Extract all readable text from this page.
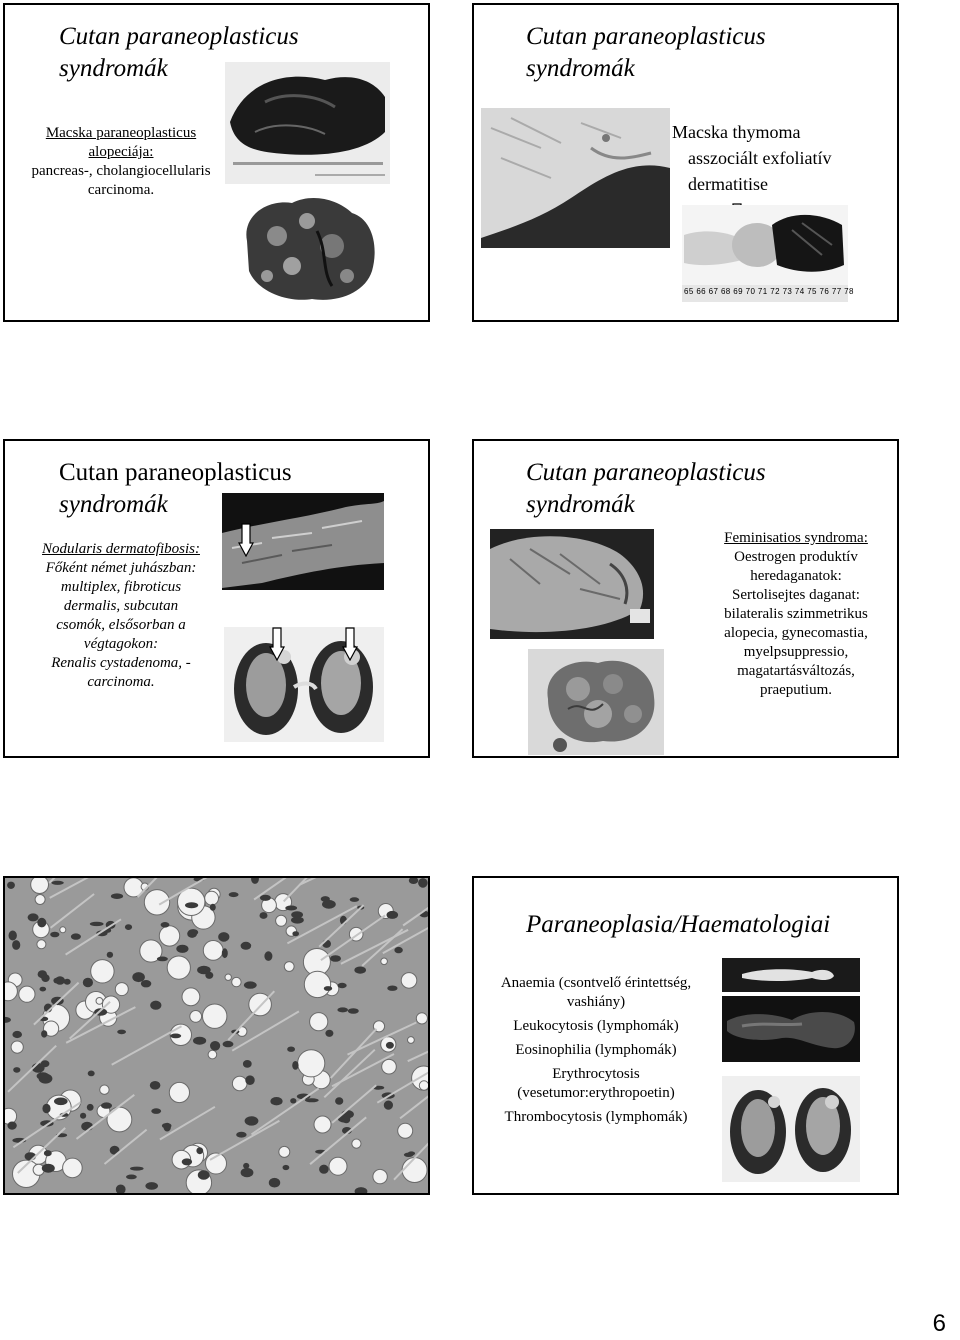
Cutan paraneoplasticus
syndromák
Macska paraneoplasticus
alopeciája:
pancreas-, cholangiocellularis
carcinoma.
Cutan paraneoplasticus
syndromák
Macska thymoma
asszociált exfoliatív
dermatitise
65 66 67 68 69 70 71 72 73 74 75 76 77 78
Cutan paraneoplasticus
syndromák
Nodularis dermatofibosis:
Főként német juhászban:
multiplex, fibroticus
dermalis, subcutan
csomók, elsősorban a
végtagokon:
Renalis cystadenoma, -
carcinoma.
Cutan paraneoplasticus
syndromák
Feminisatios syndroma:
Oestrogen produktív
heredaganatok:
Sertolisejtes daganat:
bilateralis szimmetrikus
alopecia, gynecomastia,
myelpsuppressio,
magatartásváltozás,
praeputium.
Paraneoplasia/Haematologiai
Anaemia (csontvelő érintettség,
vashiány)
Leukocytosis (lymphomák)
Eosinophilia (lymphomák)
Erythrocytosis
(vesetumor:erythropoetin)
Thrombocytosis (lymphomák)
6
